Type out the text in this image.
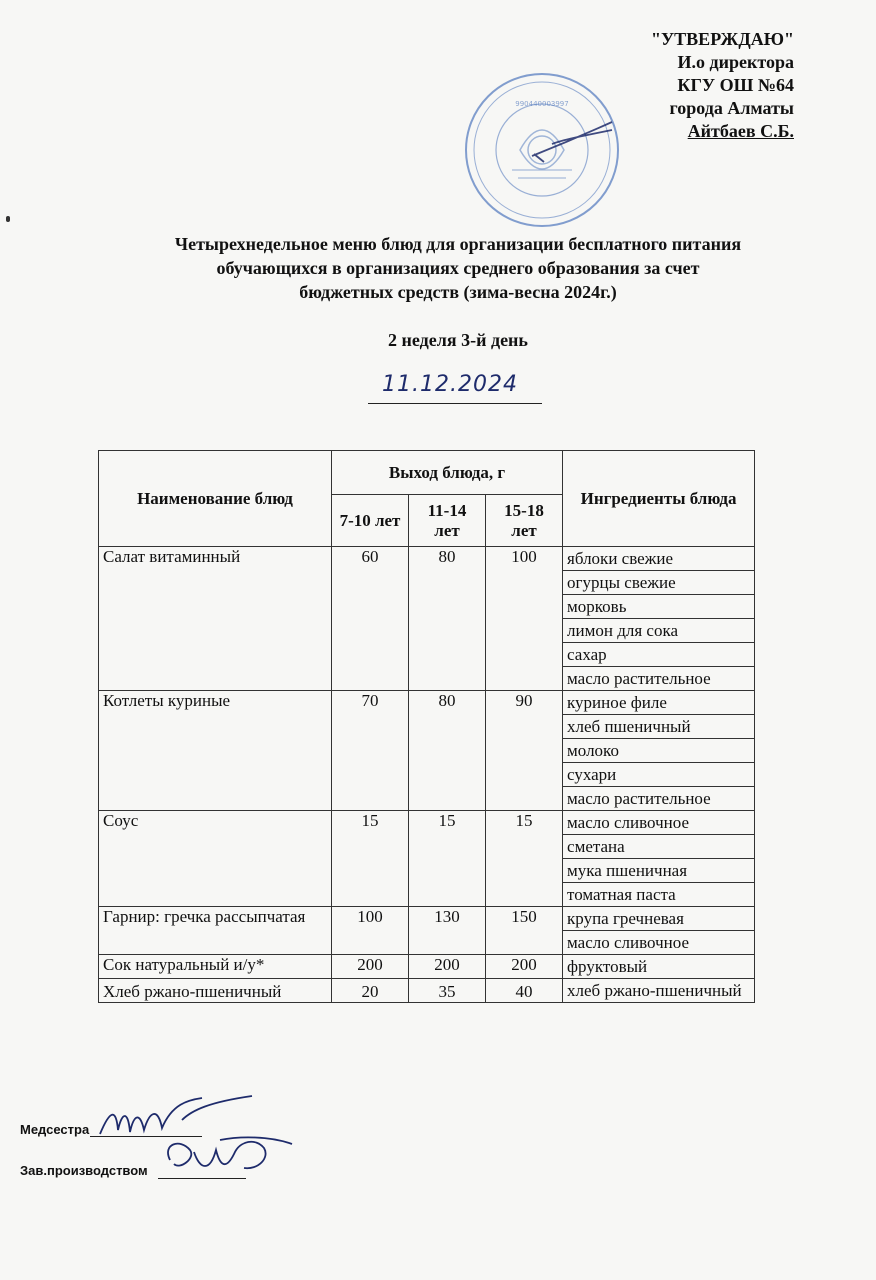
"УТВЕРЖДАЮ"
И.о директора
КГУ ОШ №64
города Алматы
Айтбаев С.Б.
990440003997
Четырехнедельное меню блюд для организации бесплатного питания
обучающихся в организациях среднего образования за счет
бюджетных средств (зима-весна 2024г.)
2 неделя 3-й день
11.12.2024
Наименование блюд	Выход блюда, г			Ингредиенты блюда
	7-10 лет	11-14 лет	15-18 лет	
Салат витаминный	60	80	100	яблоки свежие
				огурцы свежие
				морковь
				лимон для сока
				сахар
				масло растительное
Котлеты куриные	70	80	90	куриное филе
				хлеб пшеничный
				молоко
				сухари
				масло растительное
Соус	15	15	15	масло сливочное
				сметана
				мука пшеничная
				томатная паста
Гарнир: гречка рассыпчатая	100	130	150	крупа гречневая
				масло сливочное
Сок натуральный и/у*	200	200	200	фруктовый
Хлеб ржано-пшеничный	20	35	40	хлеб ржано-пшеничный
Медсестра
Зав.производством
